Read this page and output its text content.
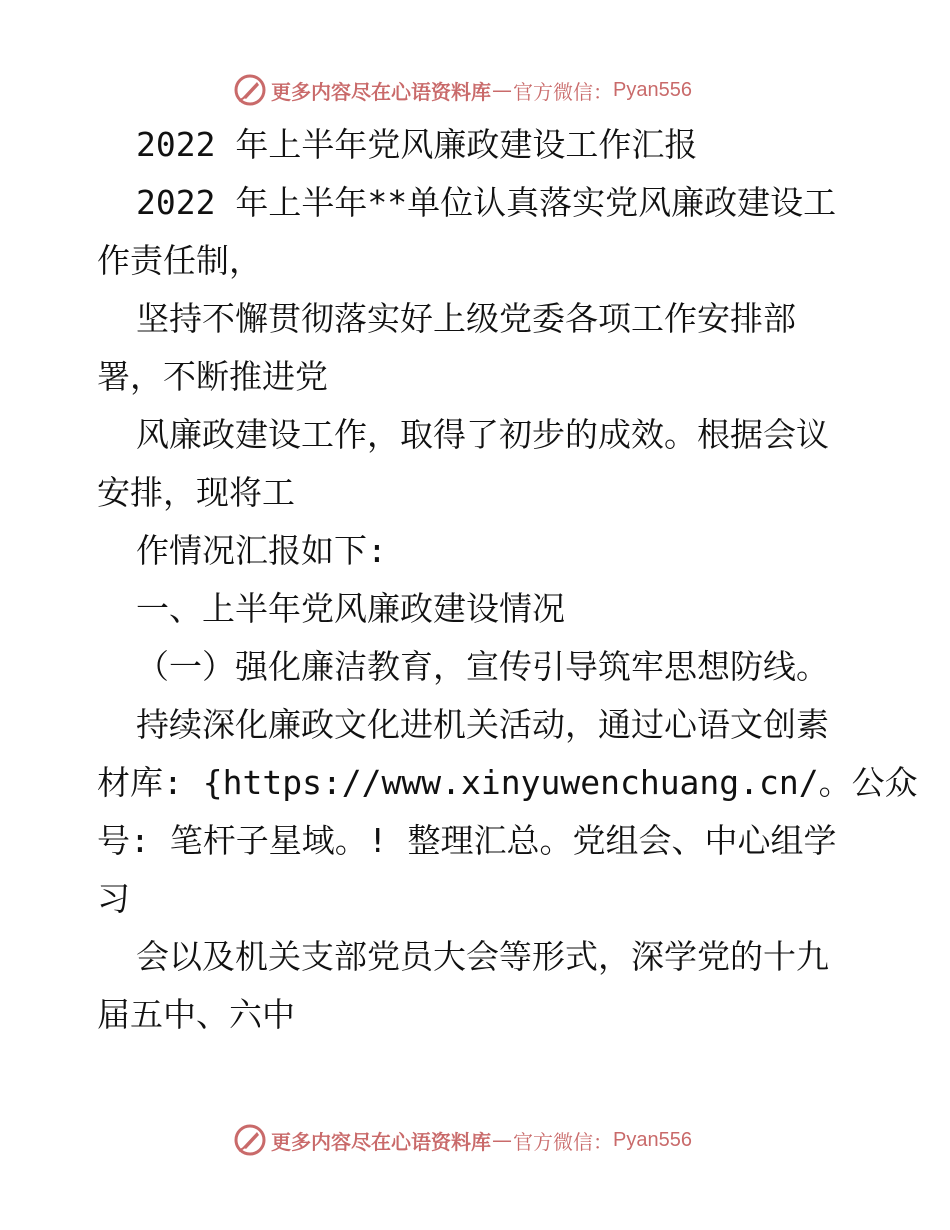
更多内容尽在心语资料库 — 官方微信： Pyan556

2022 年上半年党风廉政建设工作汇报

2022 年上半年**单位认真落实党风廉政建设工

作责任制，

坚持不懈贯彻落实好上级党委各项工作安排部

署，不断推进党

风廉政建设工作，取得了初步的成效。根据会议

安排，现将工

作情况汇报如下:

一、上半年党风廉政建设情况

（一）强化廉洁教育，宣传引导筑牢思想防线。

持续深化廉政文化进机关活动，通过心语文创素

材库: {https://www.xinyuwenchuang.cn/。公众

号: 笔杆子星域。! 整理汇总。党组会、中心组学

习

会以及机关支部党员大会等形式，深学党的十九

届五中、六中

更多内容尽在心语资料库 — 官方微信： Pyan556
